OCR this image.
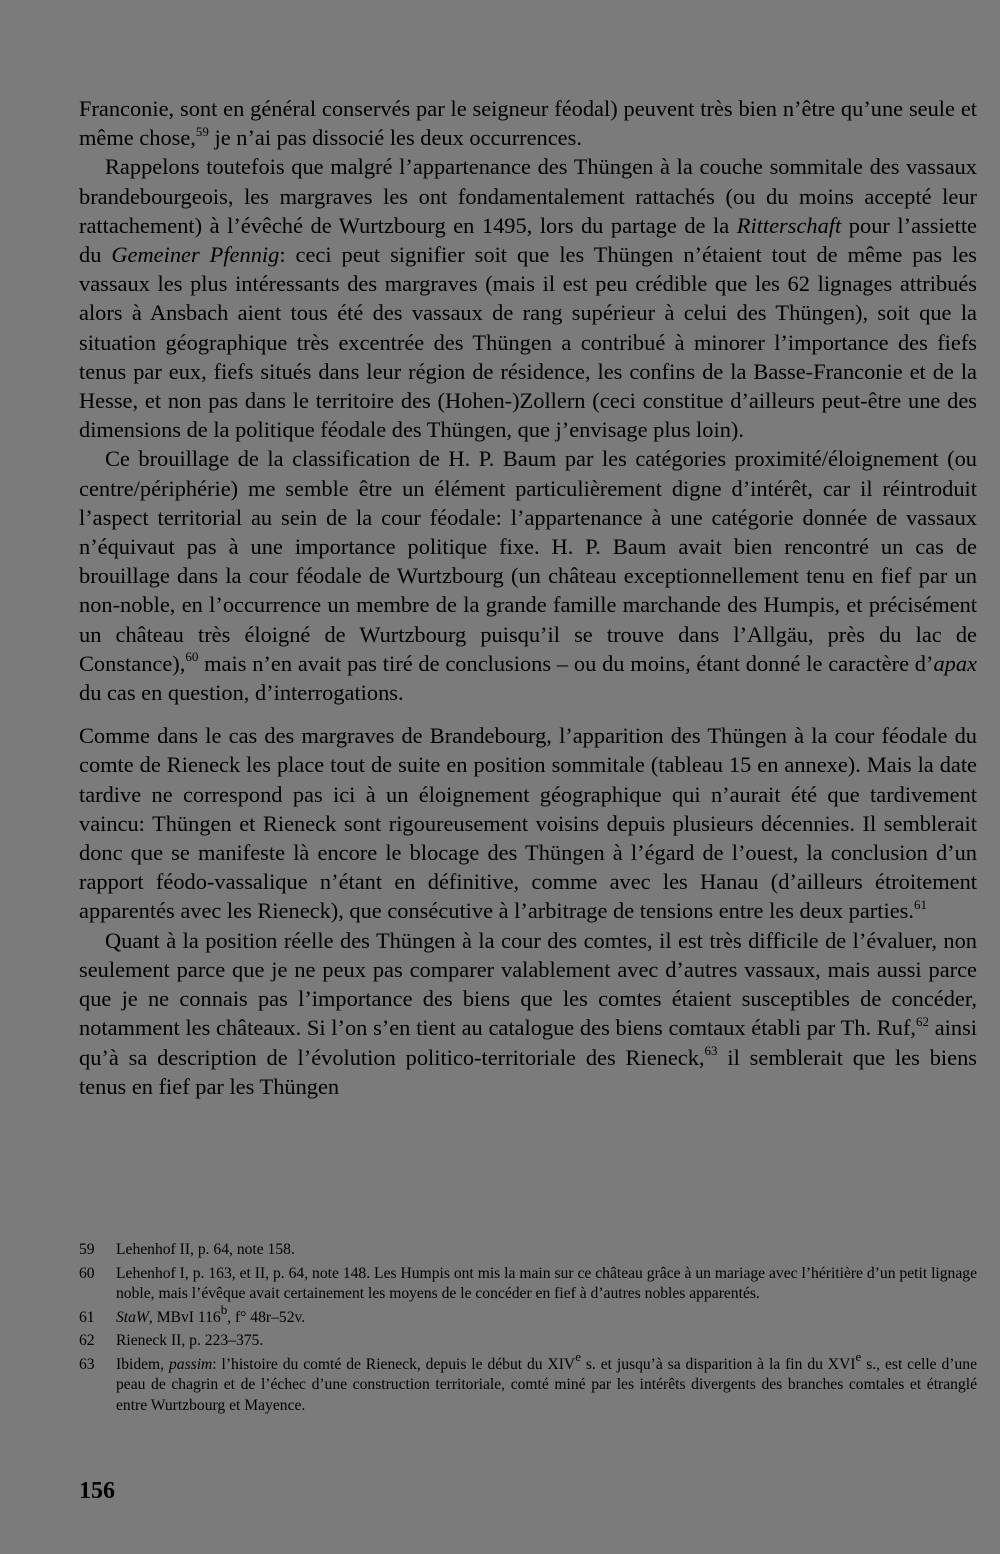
Franconie, sont en général conservés par le seigneur féodal) peuvent très bien n’être qu’une seule et même chose,$^{59}$ je n’ai pas dissocié les deux occurrences.

Rappelons toutefois que malgré l’appartenance des Thüngen à la couche sommitale des vassaux brandebourgeois, les margraves les ont fondamentalement rattachés (ou du moins accepté leur rattachement) à l’évêché de Wurtzbourg en 1495, lors du partage de la Ritterschaft pour l’assiette du Gemeiner Pfennig: ceci peut signifier soit que les Thüngen n’étaient tout de même pas les vassaux les plus intéressants des margraves (mais il est peu crédible que les 62 lignages attribués alors à Ansbach aient tous été des vassaux de rang supérieur à celui des Thüngen), soit que la situation géographique très excentrée des Thüngen a contribué à minorer l’importance des fiefs tenus par eux, fiefs situés dans leur région de résidence, les confins de la Basse-Franconie et de la Hesse, et non pas dans le territoire des (Hohen-)Zollern (ceci constitue d’ailleurs peut-être une des dimensions de la politique féodale des Thüngen, que j’envisage plus loin).

Ce brouillage de la classification de H. P. Baum par les catégories proximité/éloignement (ou centre/périphérie) me semble être un élément particulièrement digne d’intérêt, car il réintroduit l’aspect territorial au sein de la cour féodale: l’appartenance à une catégorie donnée de vassaux n’équivaut pas à une importance politique fixe. H. P. Baum avait bien rencontré un cas de brouillage dans la cour féodale de Wurtzbourg (un château exceptionnellement tenu en fief par un non-noble, en l’occurrence un membre de la grande famille marchande des Humpis, et précisément un château très éloigné de Wurtzbourg puisqu’il se trouve dans l’Allgäu, près du lac de Constance),$^{60}$ mais n’en avait pas tiré de conclusions – ou du moins, étant donné le caractère d’apax du cas en question, d’interrogations.

Comme dans le cas des margraves de Brandebourg, l’apparition des Thüngen à la cour féodale du comte de Rieneck les place tout de suite en position sommitale (tableau 15 en annexe). Mais la date tardive ne correspond pas ici à un éloignement géographique qui n’aurait été que tardivement vaincu: Thüngen et Rieneck sont rigoureusement voisins depuis plusieurs décennies. Il semblerait donc que se manifeste là encore le blocage des Thüngen à l’égard de l’ouest, la conclusion d’un rapport féodo-vassalique n’étant en définitive, comme avec les Hanau (d’ailleurs étroitement apparentés avec les Rieneck), que consécutive à l’arbitrage de tensions entre les deux parties.$^{61}$

Quant à la position réelle des Thüngen à la cour des comtes, il est très difficile de l’évaluer, non seulement parce que je ne peux pas comparer valablement avec d’autres vassaux, mais aussi parce que je ne connais pas l’importance des biens que les comtes étaient susceptibles de concéder, notamment les châteaux. Si l’on s’en tient au catalogue des biens comtaux établi par Th. Ruf,$^{62}$ ainsi qu’à sa description de l’évolution politico-territoriale des Rieneck,$^{63}$ il semblerait que les biens tenus en fief par les Thüngen

59	Lehenhof II, p. 64, note 158.
60	Lehenhof I, p. 163, et II, p. 64, note 148. Les Humpis ont mis la main sur ce château grâce à un mariage avec l’héritière d’un petit lignage noble, mais l’évêque avait certainement les moyens de le concéder en fief à d’autres nobles apparentés.
61	StaW, MBvI 116$^b$, f° 48r–52v.
62	Rieneck II, p. 223–375.
63	Ibidem, passim: l’histoire du comté de Rieneck, depuis le début du XIVe s. et jusqu’à sa disparition à la fin du XVIe s., est celle d’une peau de chagrin et de l’échec d’une construction territoriale, comté miné par les intérêts divergents des branches comtales et étranglé entre Wurtzbourg et Mayence.
156
